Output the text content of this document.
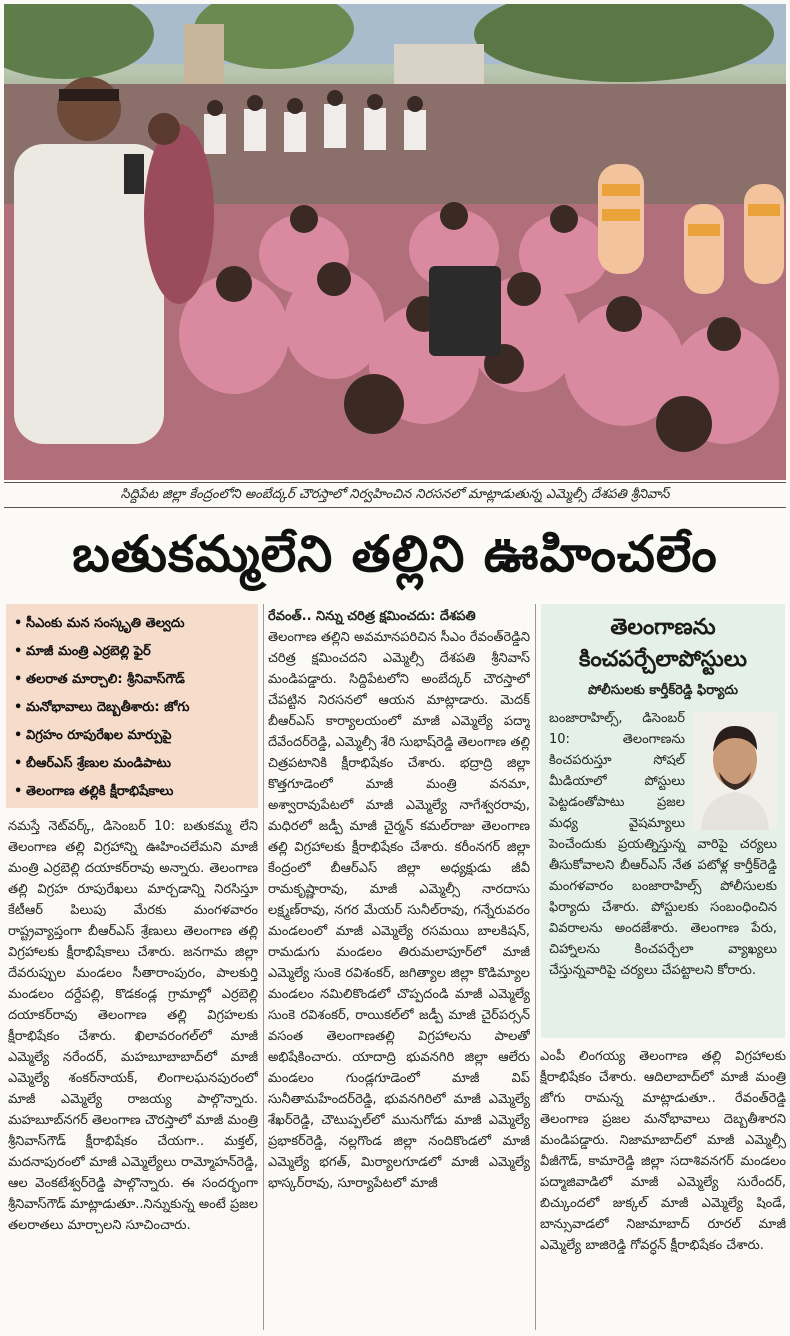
సిద్దిపేట జిల్లా కేంద్రంలోని అంబేద్కర్‌ చౌరస్తాలో నిర్వహించిన నిరసనలో మాట్లాడుతున్న ఎమ్మెల్సీ దేశపతి శ్రీనివాస్
బతుకమ్మలేని తల్లిని ఊహించలేం
• సీఎంకు మన సంస్కృతి తెల్వదు
• మాజీ మంత్రి ఎర్రబెల్లి ఫైర్‌
• తలరాత మార్చాలి: శ్రీనివాస్‌గౌడ్‌
• మనోభావాలు దెబ్బతీశారు: జోగు
• విగ్రహం రూపురేఖల మార్పుపై
• బీఆర్‌ఎస్‌ శ్రేణుల మండిపాటు
• తెలంగాణ తల్లికి క్షీరాభిషేకాలు

నమస్తే నెట్‌వర్క్‌, డిసెంబర్‌ 10: బతుకమ్మ లేని తెలంగాణ తల్లి విగ్రహాన్ని ఊహించలేమని మాజీ మంత్రి ఎర్రబెల్లి దయాకర్‌రావు అన్నారు. తెలంగాణ తల్లి విగ్రహ రూపురేఖలు మార్చడాన్ని నిరసిస్తూ కేటీఆర్‌ పిలుపు మేరకు మంగళవారం రాష్ట్రవ్యాప్తంగా బీఆర్‌ఎస్‌ శ్రేణులు తెలంగాణ తల్లి విగ్రహాలకు క్షీరాభిషేకాలు చేశారు. జనగామ జిల్లా దేవరుప్పుల మండలం సీతారాంపురం, పాలకుర్తి మండలం దర్దేపల్లి, కొడకండ్ల గ్రామాల్లో ఎర్రబెల్లి దయాకర్‌రావు తెలంగాణ తల్లి విగ్రహలకు క్షీరాభిషేకం చేశారు. ఖిలావరంగల్‌లో మాజీ ఎమ్మెల్యే నరేందర్‌, మహబూబాబాద్‌లో మాజీ ఎమ్మెల్యే శంకర్‌నాయక్‌, లింగాలఘనపురంలో మాజీ ఎమ్మెల్యే రాజయ్య పాల్గొన్నారు. మహబూబ్‌నగర్‌ తెలంగాణ చౌరస్తాలో మాజీ మంత్రి శ్రీనివాస్‌గౌడ్‌ క్షీరాభిషేకం చేయగా.. మక్తల్‌, మదనాపురంలో మాజీ ఎమ్మెల్యేలు రామ్మోహన్‌రెడ్డి, ఆల వెంకటేశ్వర్‌రెడ్డి పాల్గొన్నారు. ఈ సందర్భంగా శ్రీనివాస్‌గౌడ్‌ మాట్లాడుతూ..నిన్నుకున్న అంటే ప్రజల తలరాతలు మార్చాలని సూచించారు.

రేవంత్‌.. నిన్ను చరిత్ర క్షమించదు: దేశపతి

తెలంగాణ తల్లిని అవమానపరిచిన సీఎం రేవంత్‌రెడ్డిని చరిత్ర క్షమించదని ఎమ్మెల్సీ దేశపతి శ్రీనివాస్‌ మండిపడ్డారు. సిద్దిపేటలోని అంబేద్కర్‌ చౌరస్తాలో చేపట్టిన నిరసనలో ఆయన మాట్లాడారు. మెదక్‌ బీఆర్‌ఎస్‌ కార్యాలయంలో మాజీ ఎమ్మెల్యే పద్మా దేవేందర్‌రెడ్డి, ఎమ్మెల్సీ శేరి సుభాష్‌రెడ్డి తెలంగాణ తల్లి చిత్రపటానికి క్షీరాభిషేకం చేశారు. భద్రాద్రి జిల్లా కొత్తగూడెంలో మాజీ మంత్రి వనమా, అశ్వారావుపేటలో మాజీ ఎమ్మెల్యే నాగేశ్వరరావు, మధిరలో జడ్పీ మాజీ చైర్మన్‌ కమల్‌రాజు తెలంగాణ తల్లి విగ్రహాలకు క్షీరాభిషేకం చేశారు. కరీంనగర్‌ జిల్లా కేంద్రంలో బీఆర్‌ఎస్‌ జిల్లా అధ్యక్షుడు జీవీ రామకృష్ణారావు, మాజీ ఎమ్మెల్సీ నారదాసు లక్ష్మణ్‌రావు, నగర మేయర్‌ సునీల్‌రావు, గన్నేరువరం మండలంలో మాజీ ఎమ్మెల్యే రసమయి బాలకిషన్‌, రామడుగు మండలం తిరుమలాపూర్‌లో మాజీ ఎమ్మెల్యే సుంకె రవిశంకర్‌, జగిత్యాల జిల్లా కొడిమ్యాల మండలం నమిలికొండలో చొప్పదండి మాజీ ఎమ్మెల్యే సుంకె రవిశంకర్‌, రాయికల్‌లో జడ్పీ మాజీ చైర్‌పర్సన్‌ వసంత తెలంగాణతల్లి విగ్రహాలను పాలతో అభిషేకించారు. యాదాద్రి భువనగిరి జిల్లా ఆలేరు మండలం గుండ్లగూడెంలో మాజీ విప్‌ సునీతామహేందర్‌రెడ్డి, భువనగిరిలో మాజీ ఎమ్మెల్యే శేఖర్‌రెడ్డి, చౌటుప్పల్‌లో మునుగోడు మాజీ ఎమ్మెల్యే ప్రభాకర్‌రెడ్డి, నల్లగొండ జిల్లా నందికొండలో మాజీ ఎమ్మెల్యే భగత్‌, మిర్యాలగూడలో మాజీ ఎమ్మెల్యే భాస్కర్‌రావు, సూర్యాపేటలో మాజీ

తెలంగాణను
కించపర్చేలాపోస్టులు
పోలీసులకు కార్తీక్‌రెడ్డి ఫిర్యాదు
బంజారాహిల్స్‌, డిసెంబర్‌ 10: తెలంగాణను కించపరుస్తూ సోషల్‌ మీడియాలో పోస్టులు పెట్టడంతోపాటు ప్రజల మధ్య వైషమ్యాలు పెంచేందుకు ప్రయత్నిస్తున్న వారిపై చర్యలు తీసుకోవాలని బీఆర్‌ఎస్‌ నేత పటోళ్ల కార్తీక్‌రెడ్డి మంగళవారం బంజారాహిల్స్‌ పోలీసులకు ఫిర్యాదు చేశారు. పోస్టులకు సంబంధించిన వివరాలను అందజేశారు. తెలంగాణ పేరు, చిహ్నాలను కించపర్చేలా వ్యాఖ్యలు చేస్తున్నవారిపై చర్యలు చేపట్టాలని కోరారు.

ఎంపీ లింగయ్య తెలంగాణ తల్లి విగ్రహాలకు క్షీరాభిషేకం చేశారు. ఆదిలాబాద్‌లో మాజీ మంత్రి జోగు రామన్న మాట్లాడుతూ.. రేవంత్‌రెడ్డి తెలంగాణ ప్రజల మనోభావాలు దెబ్బతీశారని మండిపడ్డారు. నిజామాబాద్‌లో మాజీ ఎమ్మెల్సీ వీజీగౌడ్‌, కామారెడ్డి జిల్లా సదాశివనగర్‌ మండలం పద్మాజివాడిలో మాజీ ఎమ్మెల్యే సురేందర్‌, బిచ్కుందలో జుక్కల్‌ మాజీ ఎమ్మెల్యే షిండే, బాన్సువాడలో నిజామాబాద్‌ రూరల్‌ మాజీ ఎమ్మెల్యే బాజిరెడ్డి గోవర్ధన్‌ క్షీరాభిషేకం చేశారు.
